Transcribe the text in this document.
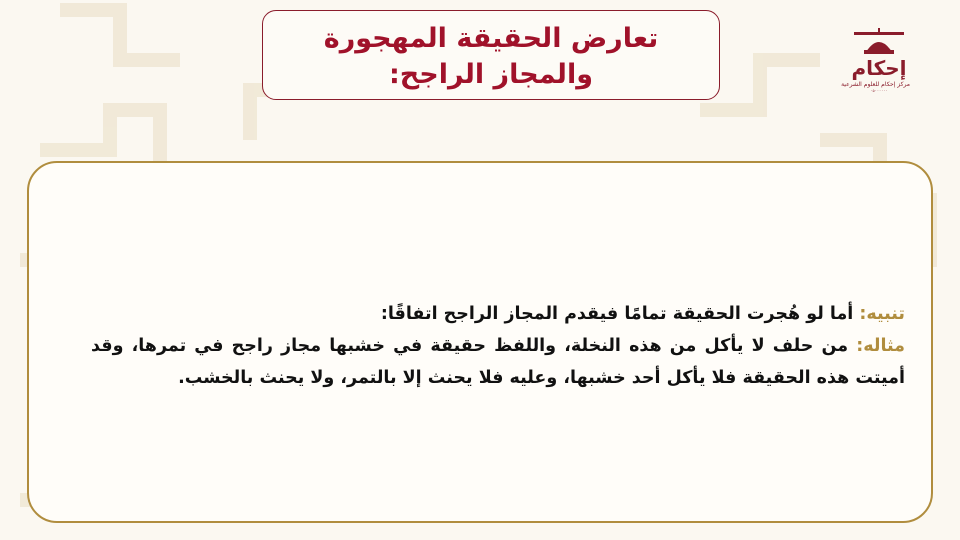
تعارض الحقيقة المهجورة
والمجاز الراجح:	إحكام
مركز إحكام للعلوم الشرعية
٠٥٠٠٠٠٠٠
تنبيه: أما لو هُجرت الحقيقة تمامًا فيقدم المجاز الراجح اتفاقًا:
مثاله: من حلف لا يأكل من هذه النخلة، واللفظ حقيقة في خشبها مجاز راجح في تمرها، وقد أميتت هذه الحقيقة فلا يأكل أحد خشبها، وعليه فلا يحنث إلا بالتمر، ولا يحنث بالخشب.
